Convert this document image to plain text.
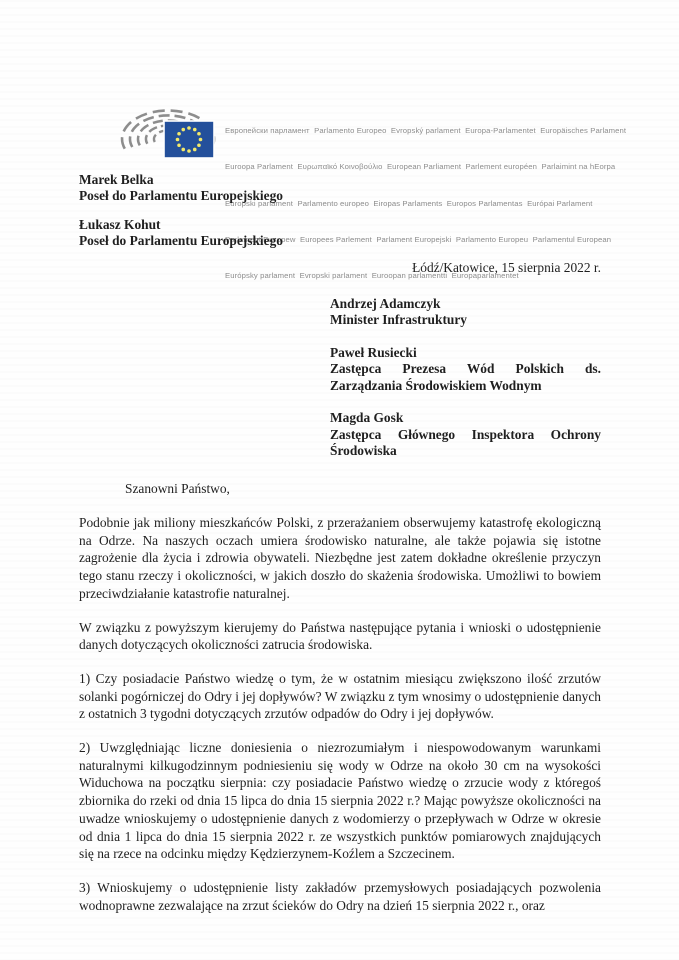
Европейски парламент  Parlamento Europeo  Evropský parlament  Europa-Parlamentet  Europäisches Parlament

Euroopa Parlament  Ευρωπαϊκό Κοινοβούλιο  European Parliament  Parlement européen  Parlaimint na hEorpa

Europski parlament  Parlamento europeo  Eiropas Parlaments  Europos Parlamentas  Európai Parlament

Parlament Ewropew  Europees Parlement  Parlament Europejski  Parlamento Europeu  Parlamentul European

Európsky parlament  Evropski parlament  Euroopan parlamentti  Europaparlamentet

Marek Belka
Poseł do Parlamentu Europejskiego
Łukasz Kohut
Poseł do Parlamentu Europejskiego
Łódź/Katowice, 15 sierpnia 2022 r.
Andrzej Adamczyk
Minister Infrastruktury
Paweł Rusiecki
Zastępca Prezesa Wód Polskich ds. Zarządzania Środowiskiem Wodnym
Magda Gosk
Zastępca Głównego Inspektora Ochrony Środowiska
Szanowni Państwo,

Podobnie jak miliony mieszkańców Polski, z przerażaniem obserwujemy katastrofę ekologiczną na Odrze. Na naszych oczach umiera środowisko naturalne, ale także pojawia się istotne zagrożenie dla życia i zdrowia obywateli. Niezbędne jest zatem dokładne określenie przyczyn tego stanu rzeczy i okoliczności, w jakich doszło do skażenia środowiska. Umożliwi to bowiem przeciwdziałanie katastrofie naturalnej.

W związku z powyższym kierujemy do Państwa następujące pytania i wnioski o udostępnienie danych dotyczących okoliczności zatrucia środowiska.

1) Czy posiadacie Państwo wiedzę o tym, że w ostatnim miesiącu zwiększono ilość zrzutów solanki pogórniczej do Odry i jej dopływów? W związku z tym wnosimy o udostępnienie danych z ostatnich 3 tygodni dotyczących zrzutów odpadów do Odry i jej dopływów.

2) Uwzględniając liczne doniesienia o niezrozumiałym i niespowodowanym warunkami naturalnymi kilkugodzinnym podniesieniu się wody w Odrze na około 30 cm na wysokości Widuchowa na początku sierpnia: czy posiadacie Państwo wiedzę o zrzucie wody z któregoś zbiornika do rzeki od dnia 15 lipca do dnia 15 sierpnia 2022 r.? Mając powyższe okoliczności na uwadze wnioskujemy o udostępnienie danych z wodomierzy o przepływach w Odrze w okresie od dnia 1 lipca do dnia 15 sierpnia 2022 r. ze wszystkich punktów pomiarowych znajdujących się na rzece na odcinku między Kędzierzynem-Koźlem a Szczecinem.

3) Wnioskujemy o udostępnienie listy zakładów przemysłowych posiadających pozwolenia wodnoprawne zezwalające na zrzut ścieków do Odry na dzień 15 sierpnia 2022 r., oraz
